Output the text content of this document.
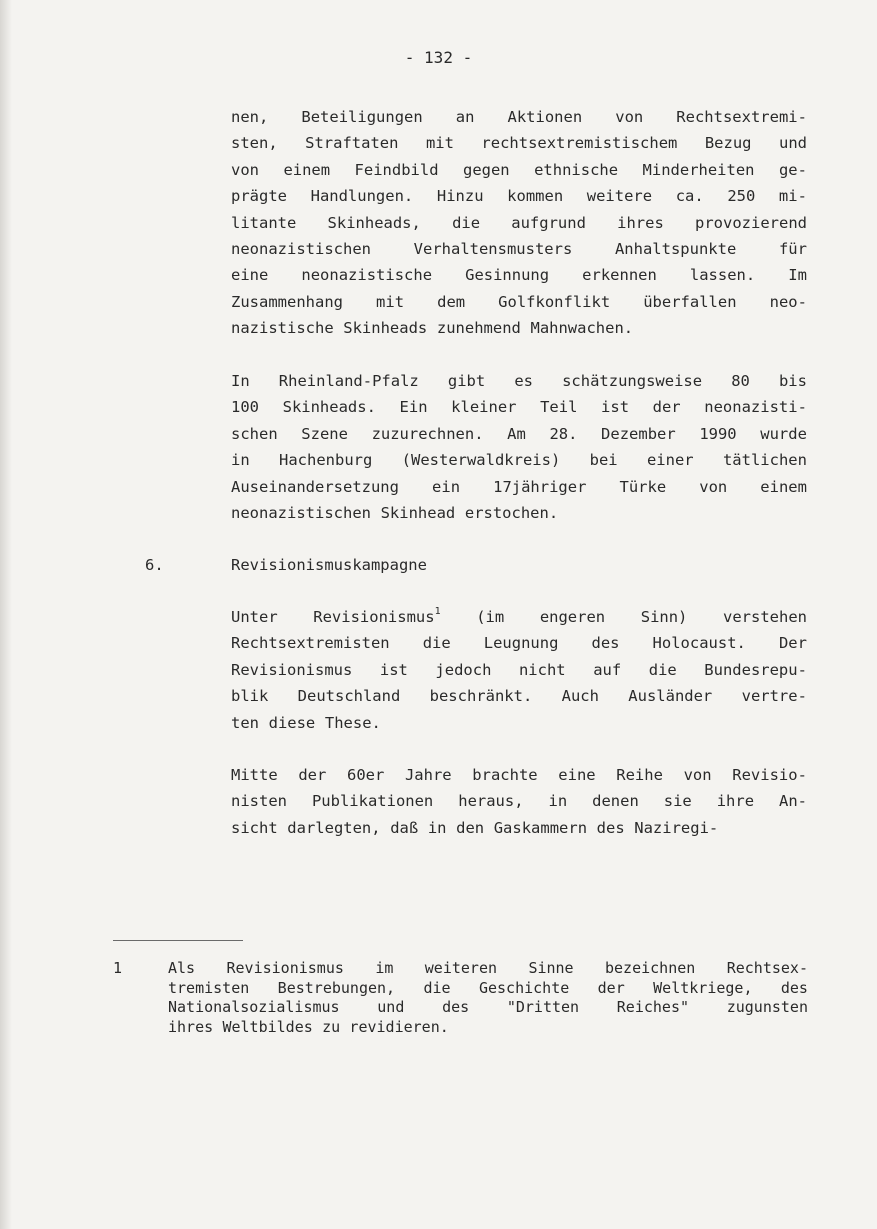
- 132 -
nen, Beteiligungen an Aktionen von Rechtsextremi-
sten, Straftaten mit rechtsextremistischem Bezug und
von einem Feindbild gegen ethnische Minderheiten ge-
prägte Handlungen. Hinzu kommen weitere ca. 250 mi-
litante Skinheads, die aufgrund ihres provozierend
neonazistischen	Verhaltensmusters	Anhaltspunkte	für
eine neonazistische Gesinnung erkennen lassen. Im
Zusammenhang mit dem Golfkonflikt überfallen neo-
nazistische Skinheads zunehmend Mahnwachen.
In Rheinland-Pfalz gibt es schätzungsweise 80 bis
100 Skinheads. Ein kleiner Teil ist der neonazisti-
schen Szene zuzurechnen. Am 28. Dezember 1990 wurde
in Hachenburg (Westerwaldkreis) bei einer tätlichen
Auseinandersetzung ein 17jähriger Türke von einem
neonazistischen Skinhead erstochen.
6.	Revisionismuskampagne
Unter Revisionismus$^1$ (im engeren Sinn) verstehen
Rechtsextremisten die Leugnung des Holocaust. Der
Revisionismus ist jedoch nicht auf die Bundesrepu-
blik Deutschland beschränkt. Auch Ausländer vertre-
ten diese These.
Mitte der 60er Jahre brachte eine Reihe von Revisio-
nisten Publikationen heraus, in denen sie ihre An-
sicht darlegten, daß in den Gaskammern des Naziregi-
1	Als Revisionismus im weiteren Sinne bezeichnen Rechtsex-
tremisten Bestrebungen, die Geschichte der Weltkriege, des
Nationalsozialismus	und	des	"Dritten	Reiches"	zugunsten
ihres Weltbildes zu revidieren.
